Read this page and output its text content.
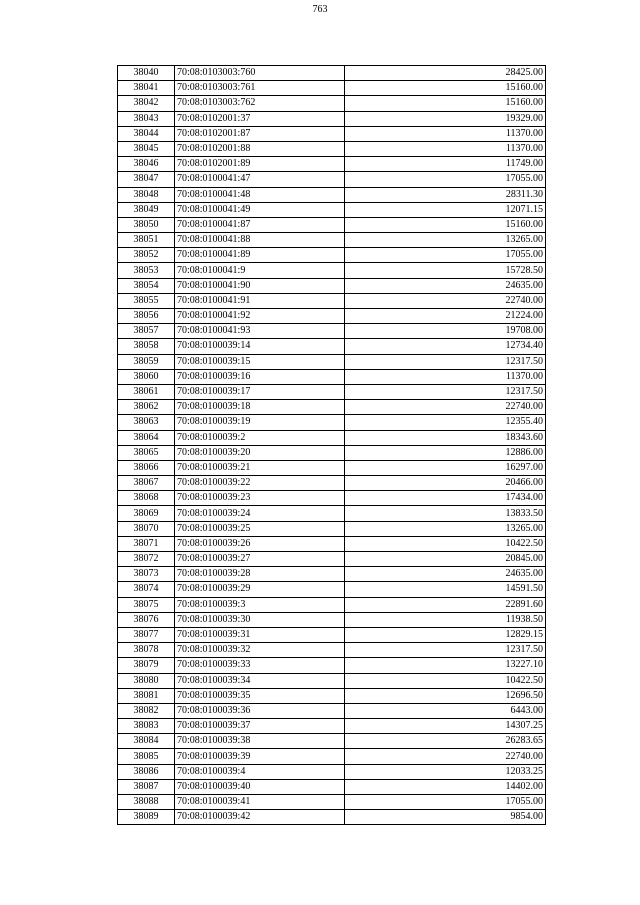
763
38040	70:08:0103003:760	28425.00
38041	70:08:0103003:761	15160.00
38042	70:08:0103003:762	15160.00
38043	70:08:0102001:37	19329.00
38044	70:08:0102001:87	11370.00
38045	70:08:0102001:88	11370.00
38046	70:08:0102001:89	11749.00
38047	70:08:0100041:47	17055.00
38048	70:08:0100041:48	28311.30
38049	70:08:0100041:49	12071.15
38050	70:08:0100041:87	15160.00
38051	70:08:0100041:88	13265.00
38052	70:08:0100041:89	17055.00
38053	70:08:0100041:9	15728.50
38054	70:08:0100041:90	24635.00
38055	70:08:0100041:91	22740.00
38056	70:08:0100041:92	21224.00
38057	70:08:0100041:93	19708.00
38058	70:08:0100039:14	12734.40
38059	70:08:0100039:15	12317.50
38060	70:08:0100039:16	11370.00
38061	70:08:0100039:17	12317.50
38062	70:08:0100039:18	22740.00
38063	70:08:0100039:19	12355.40
38064	70:08:0100039:2	18343.60
38065	70:08:0100039:20	12886.00
38066	70:08:0100039:21	16297.00
38067	70:08:0100039:22	20466.00
38068	70:08:0100039:23	17434.00
38069	70:08:0100039:24	13833.50
38070	70:08:0100039:25	13265.00
38071	70:08:0100039:26	10422.50
38072	70:08:0100039:27	20845.00
38073	70:08:0100039:28	24635.00
38074	70:08:0100039:29	14591.50
38075	70:08:0100039:3	22891.60
38076	70:08:0100039:30	11938.50
38077	70:08:0100039:31	12829.15
38078	70:08:0100039:32	12317.50
38079	70:08:0100039:33	13227.10
38080	70:08:0100039:34	10422.50
38081	70:08:0100039:35	12696.50
38082	70:08:0100039:36	6443.00
38083	70:08:0100039:37	14307.25
38084	70:08:0100039:38	26283.65
38085	70:08:0100039:39	22740.00
38086	70:08:0100039:4	12033.25
38087	70:08:0100039:40	14402.00
38088	70:08:0100039:41	17055.00
38089	70:08:0100039:42	9854.00
